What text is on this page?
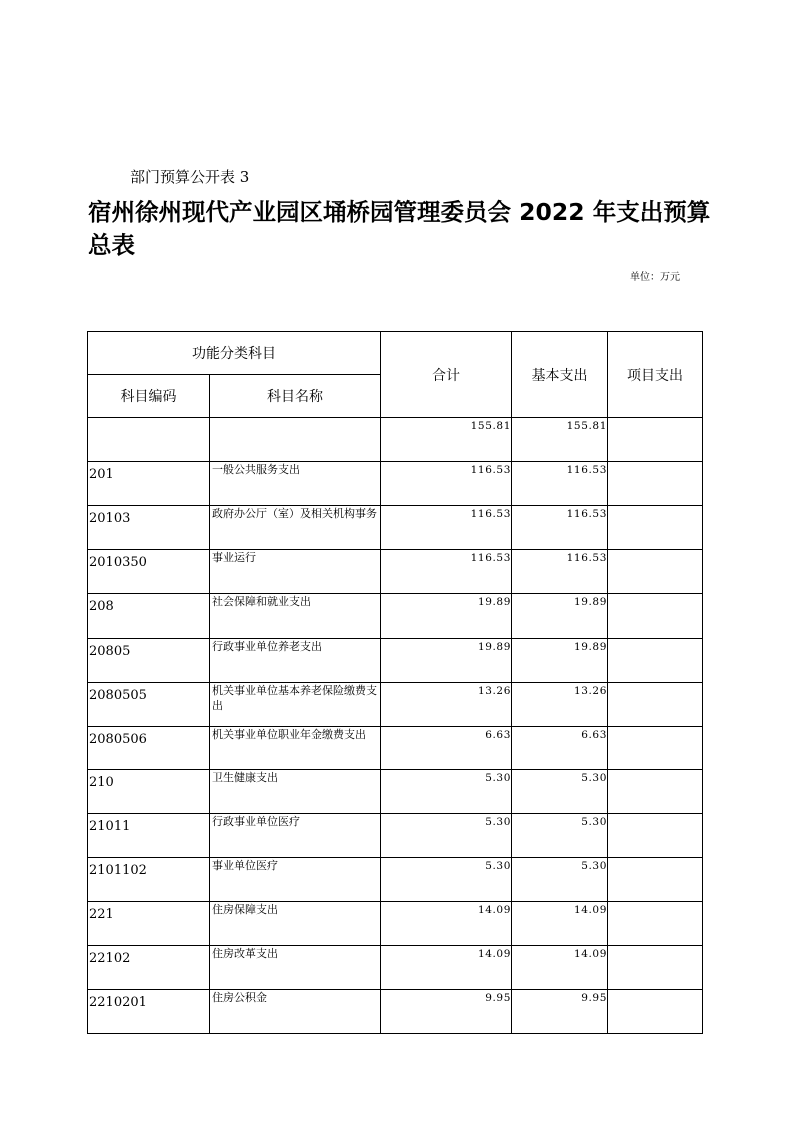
部门预算公开表 3
宿州徐州现代产业园区埇桥园管理委员会 2022 年支出预算总表
单位：万元
功能分类科目		合计	基本支出	项目支出
科目编码	科目名称			
		155.81	155.81	
201	一般公共服务支出	116.53	116.53	
20103	政府办公厅（室）及相关机构事务	116.53	116.53	
2010350	事业运行	116.53	116.53	
208	社会保障和就业支出	19.89	19.89	
20805	行政事业单位养老支出	19.89	19.89	
2080505	机关事业单位基本养老保险缴费支出	13.26	13.26	
2080506	机关事业单位职业年金缴费支出	6.63	6.63	
210	卫生健康支出	5.30	5.30	
21011	行政事业单位医疗	5.30	5.30	
2101102	事业单位医疗	5.30	5.30	
221	住房保障支出	14.09	14.09	
22102	住房改革支出	14.09	14.09	
2210201	住房公积金	9.95	9.95	
